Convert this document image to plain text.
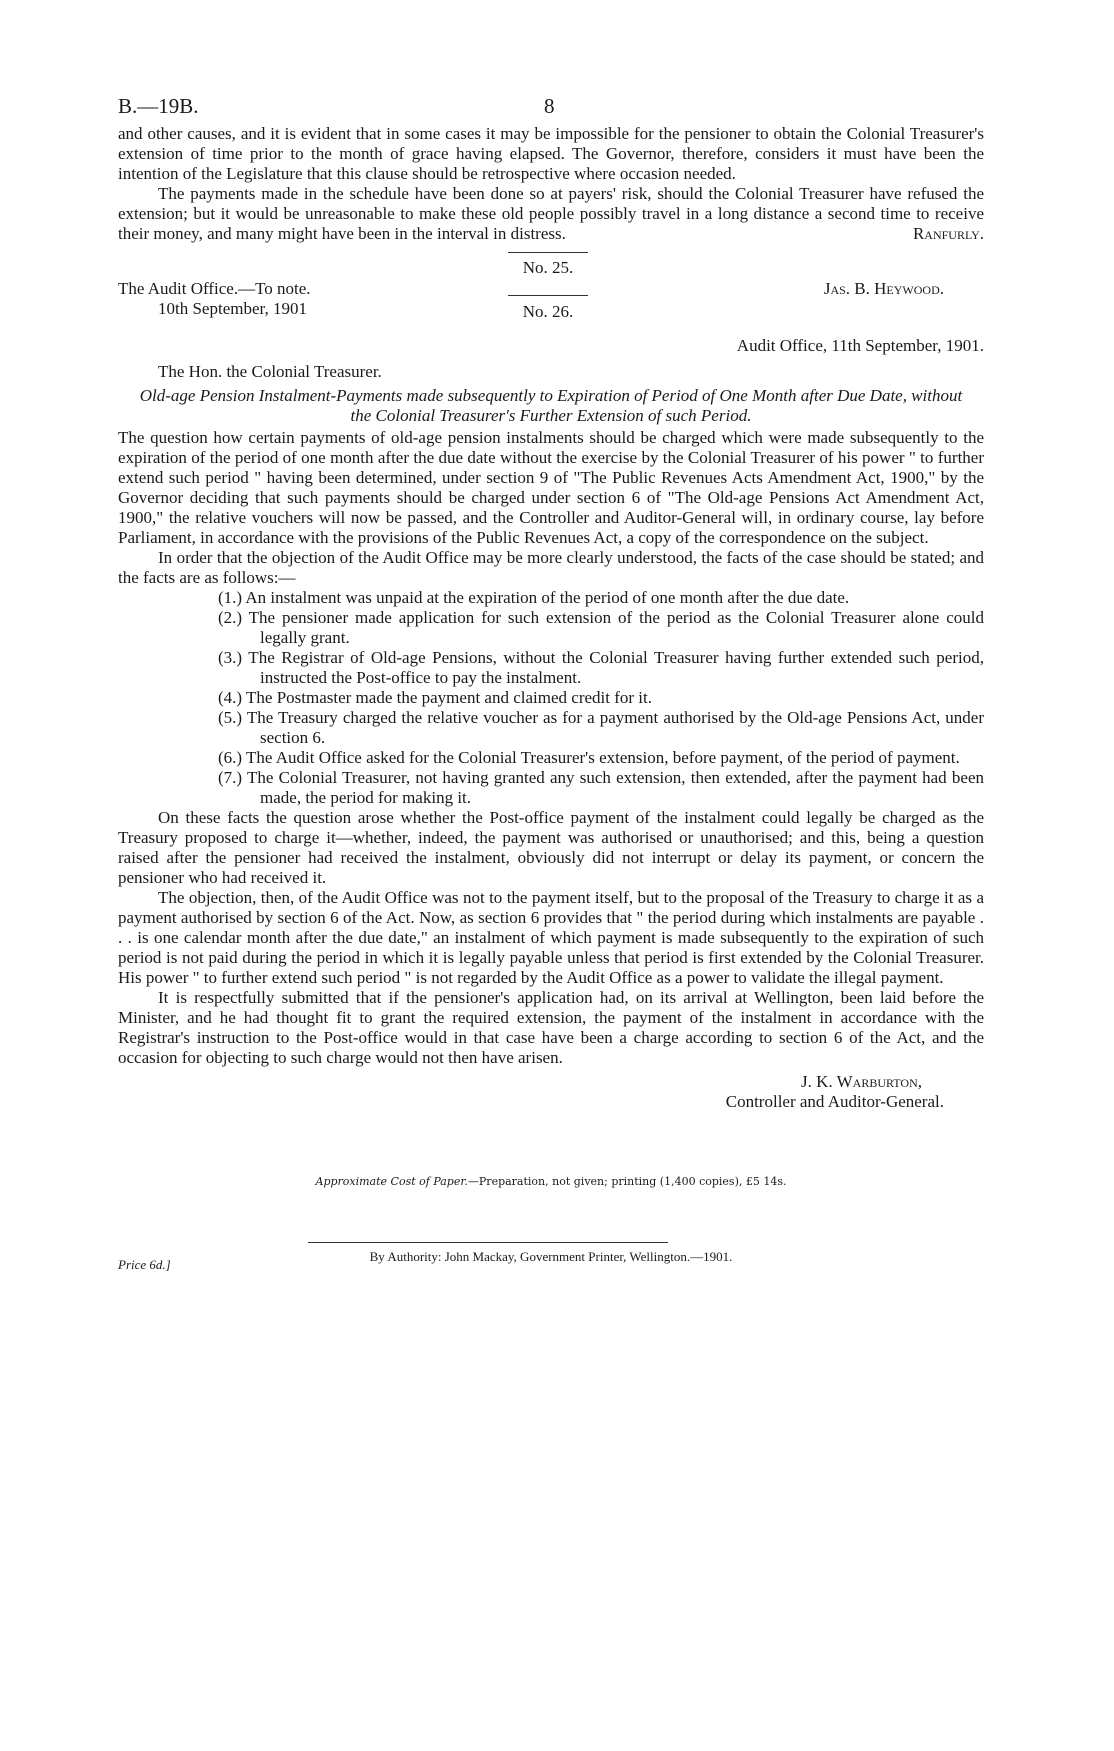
B.—19B.	8

and other causes, and it is evident that in some cases it may be impossible for the pensioner to obtain the Colonial Treasurer's extension of time prior to the month of grace having elapsed. The Governor, therefore, considers it must have been the intention of the Legislature that this clause should be retrospective where occasion needed.

The payments made in the schedule have been done so at payers' risk, should the Colonial Treasurer have refused the extension; but it would be unreasonable to make these old people possibly travel in a long distance a second time to receive their money, and many might have been in the interval in distress.	Ranfurly.

No. 25.
The Audit Office.—To note.
10th September, 1901
Jas. B. Heywood.
No. 26.

Audit Office, 11th September, 1901.

The Hon. the Colonial Treasurer.

Old-age Pension Instalment-Payments made subsequently to Expiration of Period of One Month after Due Date, without the Colonial Treasurer's Further Extension of such Period.

The question how certain payments of old-age pension instalments should be charged which were made subsequently to the expiration of the period of one month after the due date without the exercise by the Colonial Treasurer of his power " to further extend such period " having been determined, under section 9 of "The Public Revenues Acts Amendment Act, 1900," by the Governor deciding that such payments should be charged under section 6 of "The Old-age Pensions Act Amendment Act, 1900," the relative vouchers will now be passed, and the Controller and Auditor-General will, in ordinary course, lay before Parliament, in accordance with the provisions of the Public Revenues Act, a copy of the correspondence on the subject.

In order that the objection of the Audit Office may be more clearly understood, the facts of the case should be stated; and the facts are as follows:—

(1.) An instalment was unpaid at the expiration of the period of one month after the due date.
(2.) The pensioner made application for such extension of the period as the Colonial Treasurer alone could legally grant.
(3.) The Registrar of Old-age Pensions, without the Colonial Treasurer having further extended such period, instructed the Post-office to pay the instalment.
(4.) The Postmaster made the payment and claimed credit for it.
(5.) The Treasury charged the relative voucher as for a payment authorised by the Old-age Pensions Act, under section 6.
(6.) The Audit Office asked for the Colonial Treasurer's extension, before payment, of the period of payment.
(7.) The Colonial Treasurer, not having granted any such extension, then extended, after the payment had been made, the period for making it.

On these facts the question arose whether the Post-office payment of the instalment could legally be charged as the Treasury proposed to charge it—whether, indeed, the payment was authorised or unauthorised; and this, being a question raised after the pensioner had received the instalment, obviously did not interrupt or delay its payment, or concern the pensioner who had received it.

The objection, then, of the Audit Office was not to the payment itself, but to the proposal of the Treasury to charge it as a payment authorised by section 6 of the Act. Now, as section 6 provides that " the period during which instalments are payable . . . is one calendar month after the due date," an instalment of which payment is made subsequently to the expiration of such period is not paid during the period in which it is legally payable unless that period is first extended by the Colonial Treasurer. His power " to further extend such period " is not regarded by the Audit Office as a power to validate the illegal payment.

It is respectfully submitted that if the pensioner's application had, on its arrival at Wellington, been laid before the Minister, and he had thought fit to grant the required extension, the payment of the instalment in accordance with the Registrar's instruction to the Post-office would in that case have been a charge according to section 6 of the Act, and the occasion for objecting to such charge would not then have arisen.

J. K. Warburton,

Controller and Auditor-General.

Approximate Cost of Paper.—Preparation, not given; printing (1,400 copies), £5 14s.

Price 6d.]

By Authority: John Mackay, Government Printer, Wellington.—1901.
